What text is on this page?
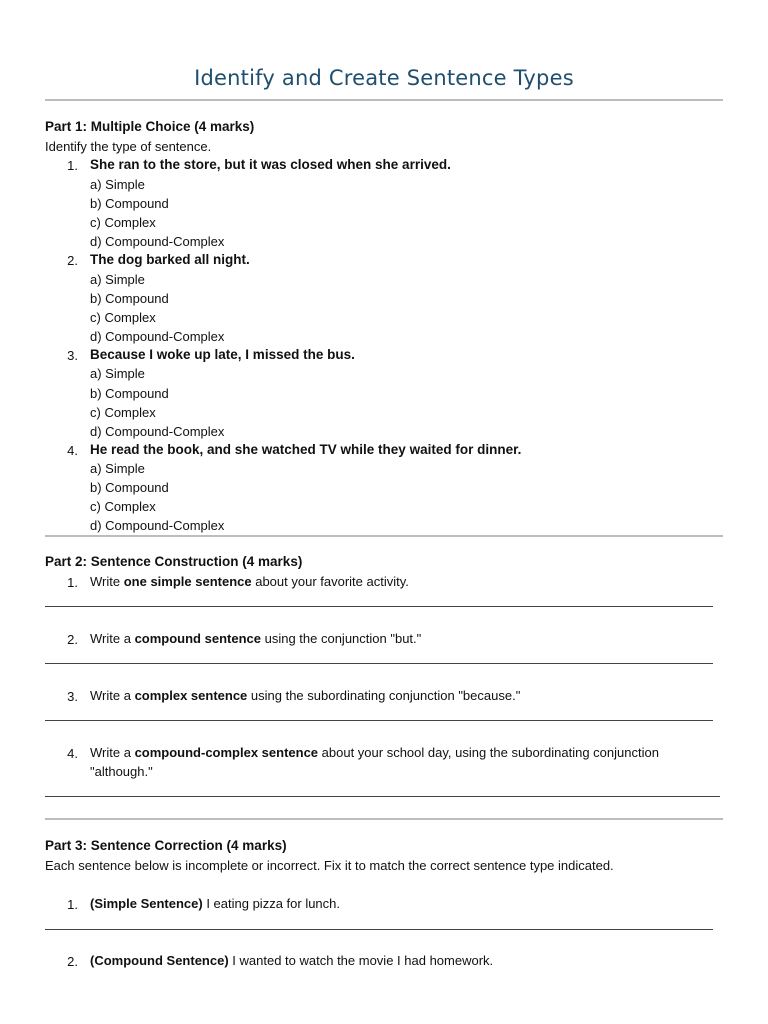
Identify and Create Sentence Types
Part 1: Multiple Choice (4 marks)
Identify the type of sentence.
1. She ran to the store, but it was closed when she arrived.
a) Simple
b) Compound
c) Complex
d) Compound-Complex
2. The dog barked all night.
a) Simple
b) Compound
c) Complex
d) Compound-Complex
3. Because I woke up late, I missed the bus.
a) Simple
b) Compound
c) Complex
d) Compound-Complex
4. He read the book, and she watched TV while they waited for dinner.
a) Simple
b) Compound
c) Complex
d) Compound-Complex
Part 2: Sentence Construction (4 marks)
1. Write one simple sentence about your favorite activity.
2. Write a compound sentence using the conjunction "but."
3. Write a complex sentence using the subordinating conjunction "because."
4. Write a compound-complex sentence about your school day, using the subordinating conjunction
"although."
Part 3: Sentence Correction (4 marks)
Each sentence below is incomplete or incorrect. Fix it to match the correct sentence type indicated.
1. (Simple Sentence) I eating pizza for lunch.
2. (Compound Sentence) I wanted to watch the movie I had homework.
